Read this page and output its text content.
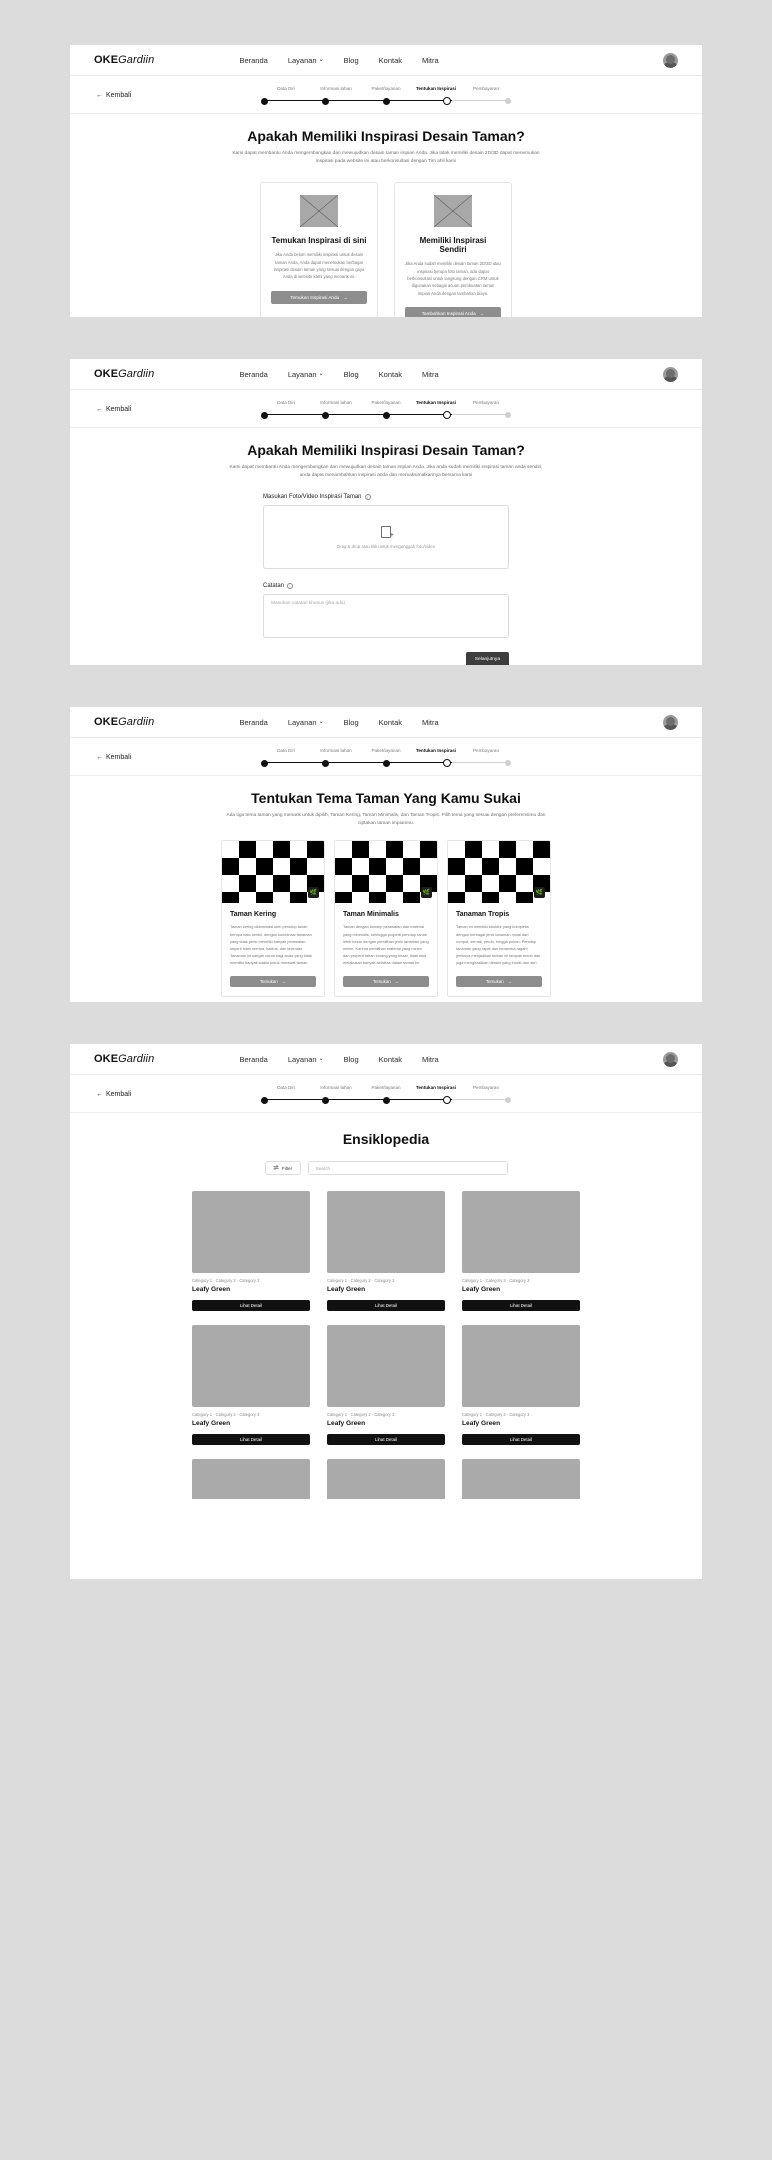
OKEGardiin	Beranda	Layanan ⌄	Blog	Kontak	Mitra
← Kembali
Data Diri	Informasi lahan	Paket/layanan	Tentukan Inspirasi	Pembayaran
Apakah Memiliki Inspirasi Desain Taman?
Kami dapat membantu Anda mengembangkan dan mewujudkan desain taman impian Anda. Jika tidak memiliki desain 2D/3D dapat menemukan inspirasi pada website ini atau berkonsultasi dengan Tim ahli kami
Temukan Inspirasi di sini

Jika Anda belum memiliki inspirasi untuk desain taman Anda, Anda dapat menemukan berbagai inspirasi desain taman yang sesuai dengan gaya Anda di website kami yang menarik ini.

Temukan Inspirasi Anda →
Memiliki Inspirasi Sendiri

Jika Anda sudah memiliki desain taman 2D/3D atau inspirasi berupa foto taman, ada dapat berkonsultasi untuk langsung dengan CRM untuk digunakan sebagai acuan pembuatan taman impian Anda dengan tambahan biaya.

Tambahkan Inspirasi Anda →
OKEGardiin	Beranda	Layanan ⌄	Blog	Kontak	Mitra
← Kembali
Data Diri	Informasi lahan	Paket/layanan	Tentukan Inspirasi	Pembayaran
Apakah Memiliki Inspirasi Desain Taman?
Kami dapat membantu Anda mengembangkan dan mewujudkan desain taman impian Anda. Jika anda sudah memiliki inspirasi taman anda sendiri, anda dapat menambahkan inspirasi anda dan memaksimalkannya bersama kami
Masukan Foto/Video Inspirasi Taman	i
+
Drag & drop atau klik untuk mengunggah foto/video
Catatan	i
Masukan catatan khusus (jika ada)
Selanjutnya
OKEGardiin	Beranda	Layanan ⌄	Blog	Kontak	Mitra
← Kembali
Data Diri	Informasi lahan	Paket/layanan	Tentukan Inspirasi	Pembayaran
Tentukan Tema Taman Yang Kamu Sukai
Ada tiga tema taman yang menarik untuk dipilih, Taman Kering, Taman Minimalis, dan Taman Tropis. Pilih tema yang sesuai dengan preferensimu dan ciptakan taman impianmu.
🌿
Taman Kering

Taman kering didominasi oleh penutup tanah berupa batu kerikil, dengan kombinasi tanaman yang tidak perlu memiliki banyak perawatan seperti lidah mertua, kaktus, dan lavender. Tanaman ini sangat cocok bagi anda yang tidak memiliki banyak waktu untuk merawat taman.

Temukan →
🌿
Taman Minimalis

Taman dengan konsep perawatan dan material yang minimalis, sehingga properti penutup tanah lebih besar dengan pemilihan jenis tanaman yang minim. Karena pemilihan material yang minim dan properti tahan kurang yang besar, tidak bisa melakukan banyak aktivitas dalam taman ini.

Temukan →
🌿
Tanaman Tropis

Taman ini memiliki struktur yang kompleks dengan berbagai jenis tanaman mulai dari rumput, semak, perdu, hingga pohon. Penutup tanaman yang rapat dan beraneka ragam jenisnya menjadikan taman ini tampak teduh dan juga menghasilkan desain yang intuisi dan asri.

Temukan →
OKEGardiin	Beranda	Layanan ⌄	Blog	Kontak	Mitra
← Kembali
Data Diri	Informasi lahan	Paket/layanan	Tentukan Inspirasi	Pembayaran
Ensiklopedia
Filter	Search
Category 1 · Category 2 · Category 3
Leafy Green
Lihat Detail
Category 1 · Category 2 · Category 3
Leafy Green
Lihat Detail
Category 1 · Category 2 · Category 3
Leafy Green
Lihat Detail
Category 1 · Category 2 · Category 3
Leafy Green
Lihat Detail
Category 1 · Category 2 · Category 3
Leafy Green
Lihat Detail
Category 1 · Category 2 · Category 3
Leafy Green
Lihat Detail
